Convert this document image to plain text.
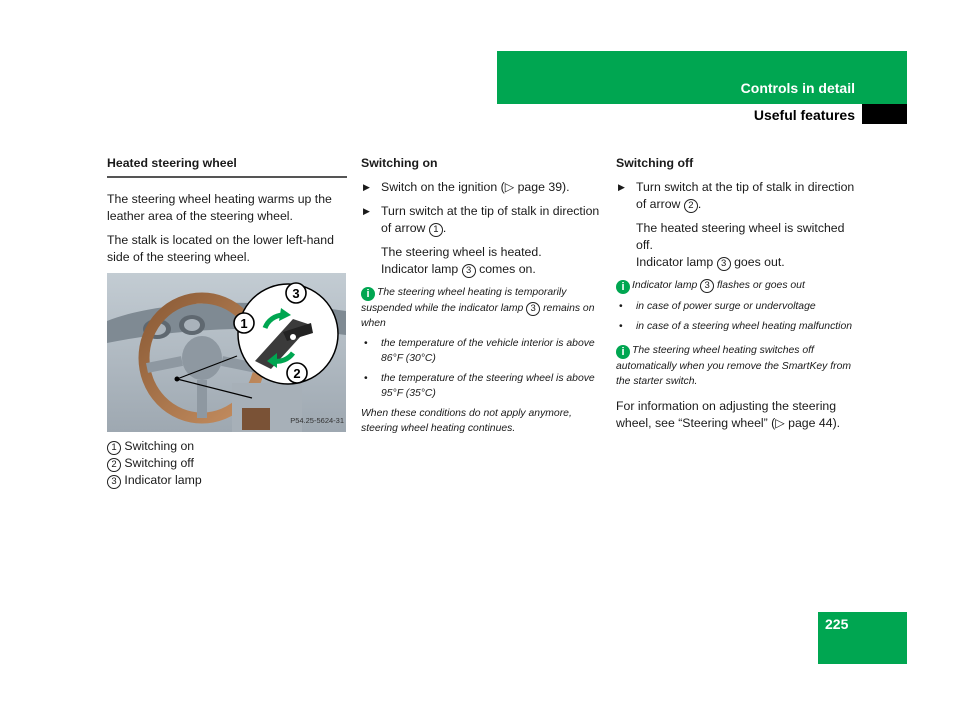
Controls in detail
Useful features
Heated steering wheel

The steering wheel heating warms up the leather area of the steering wheel.

The stalk is located on the lower left-hand side of the steering wheel.

3
1
2
P54.25-5624-31
1 Switching on
2 Switching off
3 Indicator lamp
Switching on
▶ Switch on the ignition (▷ page 39).
▶ Turn switch at the tip of stalk in direction of arrow 1 .
The steering wheel is heated.
Indicator lamp 3 comes on.
i The steering wheel heating is temporarily suspended while the indicator lamp 3 remains on when
• the temperature of the vehicle interior is above 86°F (30°C)
• the temperature of the steering wheel is above 95°F (35°C)
When these conditions do not apply anymore, steering wheel heating continues.
Switching off
▶ Turn switch at the tip of stalk in direction of arrow 2 .
The heated steering wheel is switched off.
Indicator lamp 3 goes out.
i Indicator lamp 3 flashes or goes out
• in case of power surge or undervoltage
• in case of a steering wheel heating malfunction
i The steering wheel heating switches off automatically when you remove the SmartKey from the starter switch.

For information on adjusting the steering wheel, see “Steering wheel” (▷ page 44).

225
